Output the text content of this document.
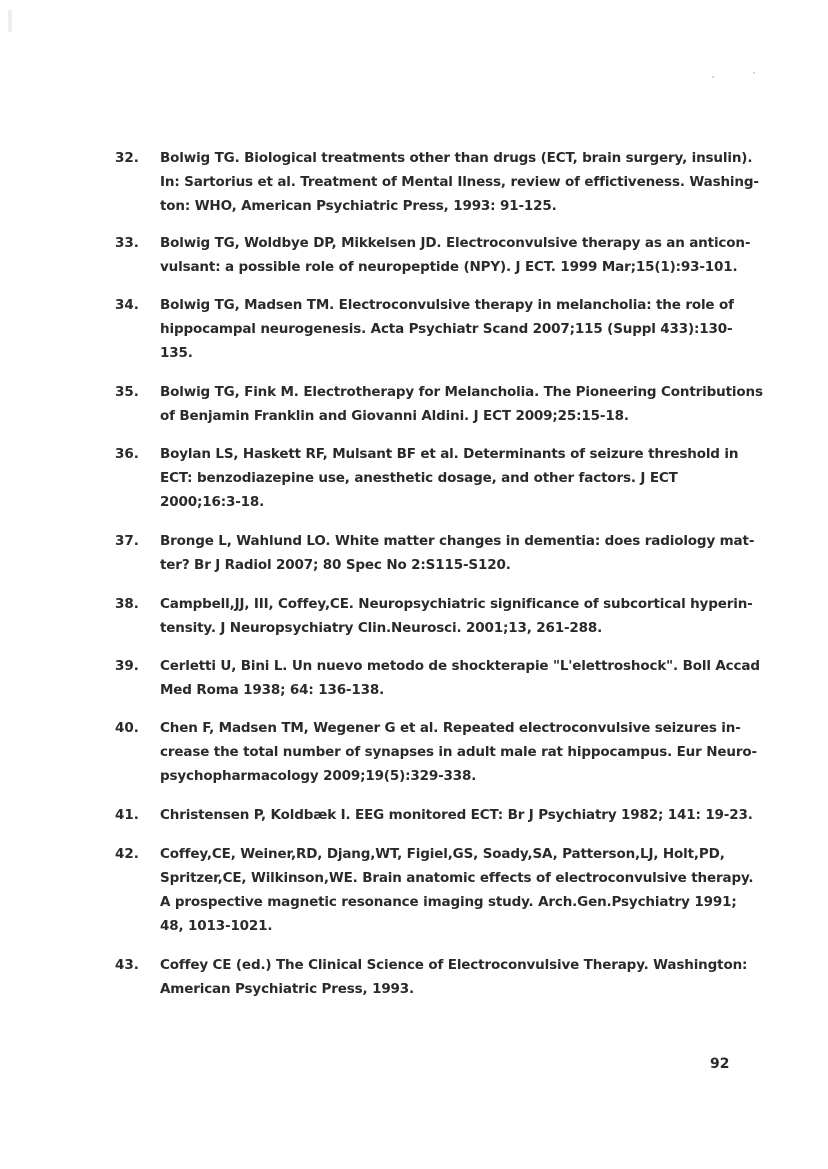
32. Bolwig TG. Biological treatments other than drugs (ECT, brain surgery, insulin).
In: Sartorius et al. Treatment of Mental Ilness, review of effictiveness. Washing-
ton: WHO, American Psychiatric Press, 1993: 91-125.
33. Bolwig TG, Woldbye DP, Mikkelsen JD. Electroconvulsive therapy as an anticon-
vulsant: a possible role of neuropeptide (NPY). J ECT. 1999 Mar;15(1):93-101.
34. Bolwig TG, Madsen TM. Electroconvulsive therapy in melancholia: the role of
hippocampal neurogenesis. Acta Psychiatr Scand 2007;115 (Suppl 433):130-
135.
35. Bolwig TG, Fink M. Electrotherapy for Melancholia. The Pioneering Contributions
of Benjamin Franklin and Giovanni Aldini. J ECT 2009;25:15-18.
36. Boylan LS, Haskett RF, Mulsant BF et al. Determinants of seizure threshold in
ECT: benzodiazepine use, anesthetic dosage, and other factors. J ECT
2000;16:3-18.
37. Bronge L, Wahlund LO. White matter changes in dementia: does radiology mat-
ter? Br J Radiol 2007; 80 Spec No 2:S115-S120.
38. Campbell,JJ, III, Coffey,CE. Neuropsychiatric significance of subcortical hyperin-
tensity. J Neuropsychiatry Clin.Neurosci. 2001;13, 261-288.
39. Cerletti U, Bini L. Un nuevo metodo de shockterapie "L'elettroshock". Boll Accad
Med Roma 1938; 64: 136-138.
40. Chen F, Madsen TM, Wegener G et al. Repeated electroconvulsive seizures in-
crease the total number of synapses in adult male rat hippocampus. Eur Neuro-
psychopharmacology 2009;19(5):329-338.
41. Christensen P, Koldbæk I. EEG monitored ECT: Br J Psychiatry 1982; 141: 19-23.
42. Coffey,CE, Weiner,RD, Djang,WT, Figiel,GS, Soady,SA, Patterson,LJ, Holt,PD,
Spritzer,CE, Wilkinson,WE. Brain anatomic effects of electroconvulsive therapy.
A prospective magnetic resonance imaging study. Arch.Gen.Psychiatry 1991;
48, 1013-1021.
43. Coffey CE (ed.) The Clinical Science of Electroconvulsive Therapy. Washington:
American Psychiatric Press, 1993.
92
